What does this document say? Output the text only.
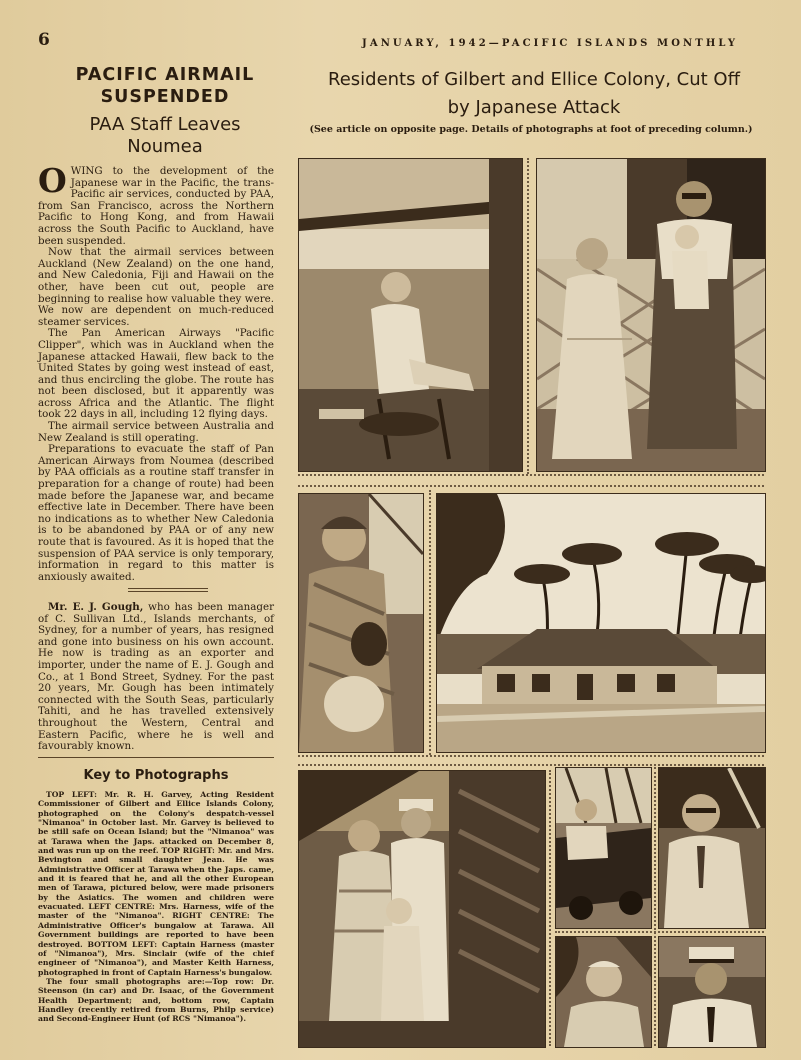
6	JANUARY, 1942—PACIFIC ISLANDS MONTHLY
PACIFIC AIRMAIL
SUSPENDED
PAA Staff Leaves
Noumea

OWING to the development of the Japanese war in the Pacific, the trans-Pacific air services, conducted by PAA, from San Francisco, across the Northern Pacific to Hong Kong, and from Hawaii across the South Pacific to Auckland, have been suspended.

Now that the airmail services between Auckland (New Zealand) on the one hand, and New Caledonia, Fiji and Hawaii on the other, have been cut out, people are beginning to realise how valuable they were. We now are dependent on much-reduced steamer services.

The Pan American Airways "Pacific Clipper", which was in Auckland when the Japanese attacked Hawaii, flew back to the United States by going west instead of east, and thus encircling the globe. The route has not been disclosed, but it apparently was across Africa and the Atlantic. The flight took 22 days in all, including 12 flying days.

The airmail service between Australia and New Zealand is still operating.

Preparations to evacuate the staff of Pan American Airways from Noumea (described by PAA officials as a routine staff transfer in preparation for a change of route) had been made before the Japanese war, and became effective late in December. There have been no indications as to whether New Caledonia is to be abandoned by PAA or of any new route that is favoured. As it is hoped that the suspension of PAA service is only temporary, information in regard to this matter is anxiously awaited.

Mr. E. J. Gough, who has been manager of C. Sullivan Ltd., Islands merchants, of Sydney, for a number of years, has resigned and gone into business on his own account. He now is trading as an exporter and importer, under the name of E. J. Gough and Co., at 1 Bond Street, Sydney. For the past 20 years, Mr. Gough has been intimately connected with the South Seas, particularly Tahiti, and he has travelled extensively throughout the Western, Central and Eastern Pacific, where he is well and favourably known.

Key to Photographs

TOP LEFT: Mr. R. H. Garvey, Acting Resident Commissioner of Gilbert and Ellice Islands Colony, photographed on the Colony's despatch-vessel "Nimanoa" in October last. Mr. Garvey is believed to be still safe on Ocean Island; but the "Nimanoa" was at Tarawa when the Japs. attacked on December 8, and was run up on the reef. TOP RIGHT: Mr. and Mrs. Bevington and small daughter Jean. He was Administrative Officer at Tarawa when the Japs. came, and it is feared that he, and all the other European men of Tarawa, pictured below, were made prisoners by the Asiatics. The women and children were evacuated. LEFT CENTRE: Mrs. Harness, wife of the master of the "Nimanoa". RIGHT CENTRE: The Administrative Officer's bungalow at Tarawa. All Government buildings are reported to have been destroyed. BOTTOM LEFT: Captain Harness (master of "Nimanoa"), Mrs. Sinclair (wife of the chief engineer of "Nimanoa"), and Master Keith Harness, photographed in front of Captain Harness's bungalow.

The four small photographs are:—Top row: Dr. Steenson (in car) and Dr. Isaac, of the Government Health Department; and, bottom row, Captain Handley (recently retired from Burns, Philp service) and Second-Engineer Hunt (of RCS "Nimanoa").

Residents of Gilbert and Ellice Colony, Cut Off
by Japanese Attack
(See article on opposite page. Details of photographs at foot of preceding column.)
